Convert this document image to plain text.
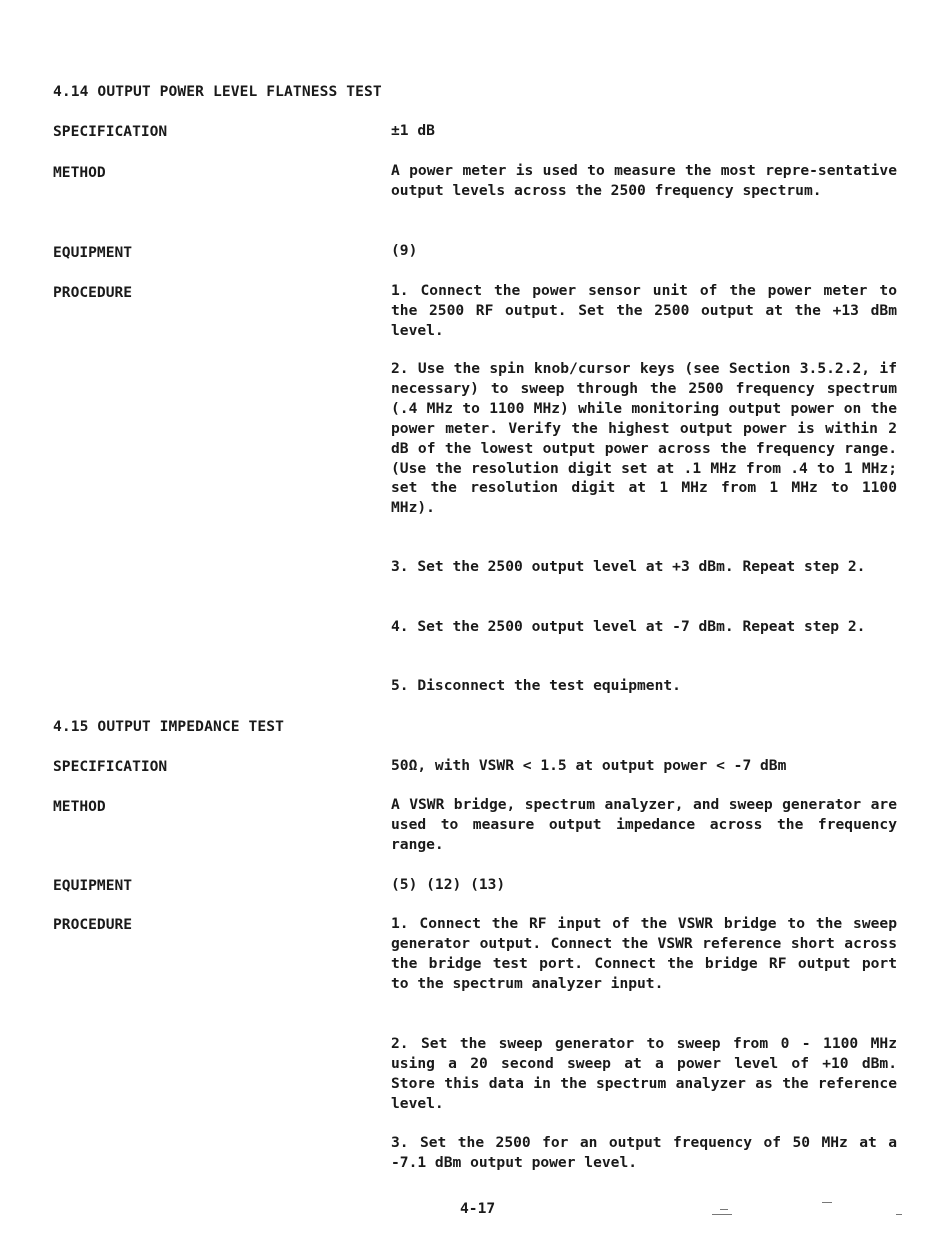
4.14 OUTPUT POWER LEVEL FLATNESS TEST
SPECIFICATION	±1 dB
METHOD	A power meter is used to measure the most repre-sentative output levels across the 2500 frequency spectrum.
EQUIPMENT	(9)
PROCEDURE	1. Connect the power sensor unit of the power meter to the 2500 RF output. Set the 2500 output at the +13 dBm level.
2. Use the spin knob/cursor keys (see Section 3.5.2.2, if necessary) to sweep through the 2500 frequency spectrum (.4 MHz to 1100 MHz) while monitoring output power on the power meter. Verify the highest output power is within 2 dB of the lowest output power across the frequency range. (Use the resolution digit set at .1 MHz from .4 to 1 MHz; set the resolution digit at 1 MHz from 1 MHz to 1100 MHz).
3. Set the 2500 output level at +3 dBm. Repeat step 2.
4. Set the 2500 output level at -7 dBm. Repeat step 2.
5. Disconnect the test equipment.
4.15 OUTPUT IMPEDANCE TEST
SPECIFICATION	50Ω, with VSWR < 1.5 at output power < -7 dBm
METHOD	A VSWR bridge, spectrum analyzer, and sweep generator are used to measure output impedance across the frequency range.
EQUIPMENT	(5) (12) (13)
PROCEDURE	1. Connect the RF input of the VSWR bridge to the sweep generator output. Connect the VSWR reference short across the bridge test port. Connect the bridge RF output port to the spectrum analyzer input.
2. Set the sweep generator to sweep from 0 - 1100 MHz using a 20 second sweep at a power level of +10 dBm. Store this data in the spectrum analyzer as the reference level.
3. Set the 2500 for an output frequency of 50 MHz at a -7.1 dBm output power level.
4-17
